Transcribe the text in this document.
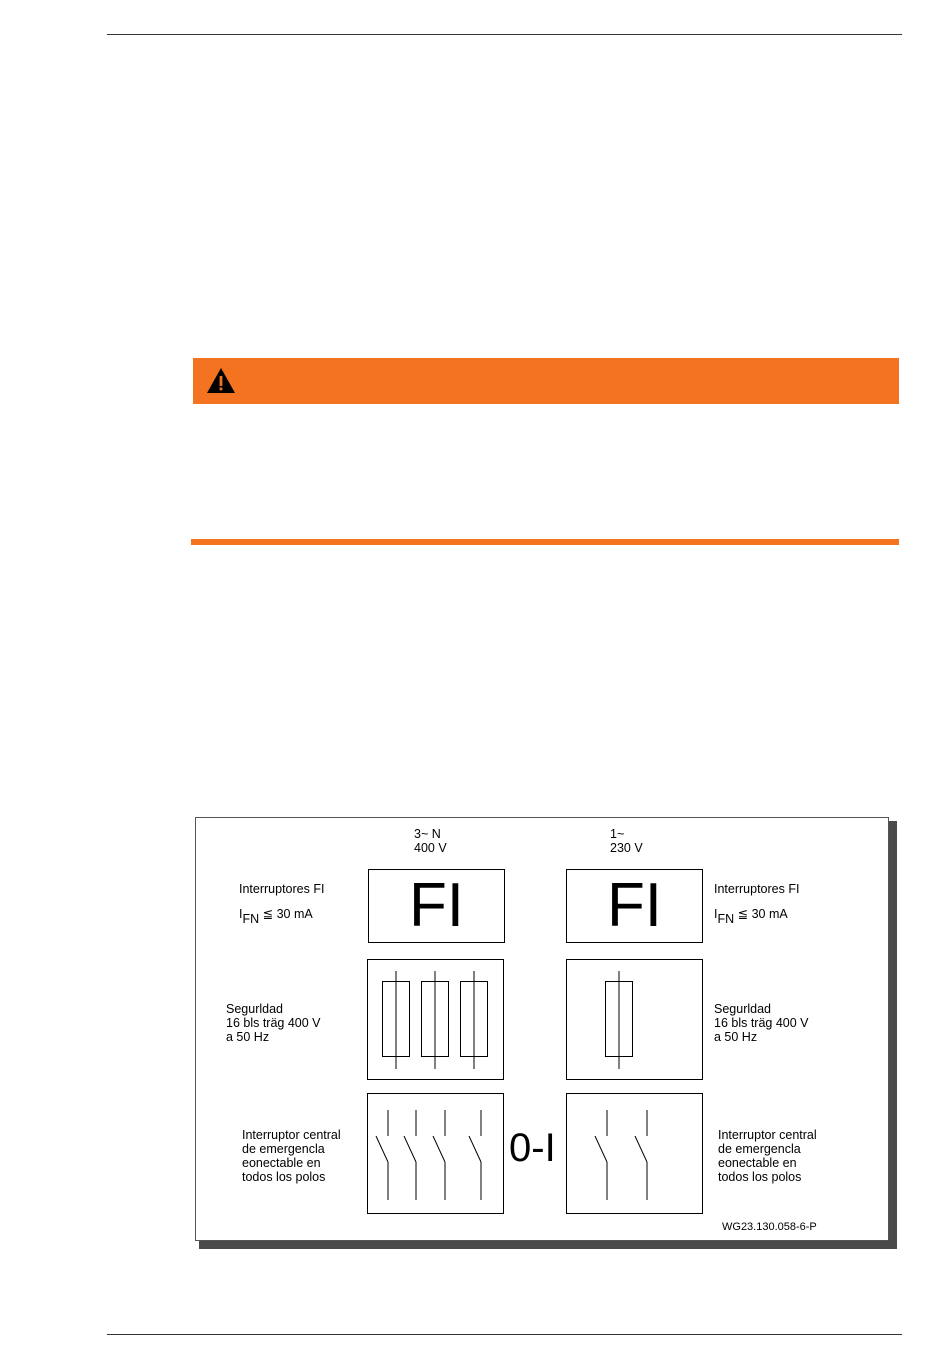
3~ N
400 V
1~
230 V
Interruptores FI
IFN ≦ 30 mA
Interruptores FI
IFN ≦ 30 mA
FI	FI
Segurldad
16 bls träg 400 V
a 50 Hz
Segurldad
16 bls träg 400 V
a 50 Hz
Interruptor central
de emergencla
eonectable en
todos los polos
Interruptor central
de emergencla
eonectable en
todos los polos
0-I
WG23.130.058-6-P
